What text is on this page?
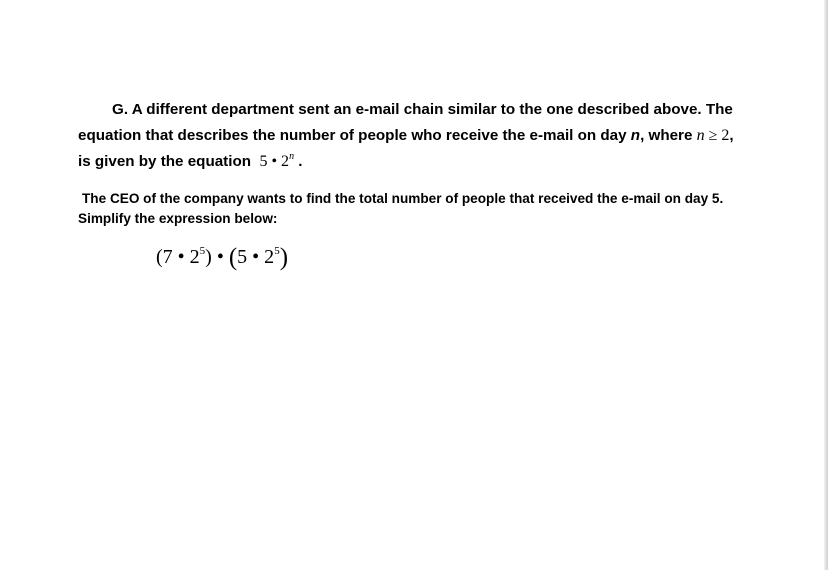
G. A different department sent an e-mail chain similar to the one described above. The
equation that describes the number of people who receive the e-mail on day n, where n ≥ 2,
is given by the equation 5 • 2$^n$ .
The CEO of the company wants to find the total number of people that received the e-mail on day 5.
Simplify the expression below:
(7 • $2^5$) • (5 • $2^5$)
